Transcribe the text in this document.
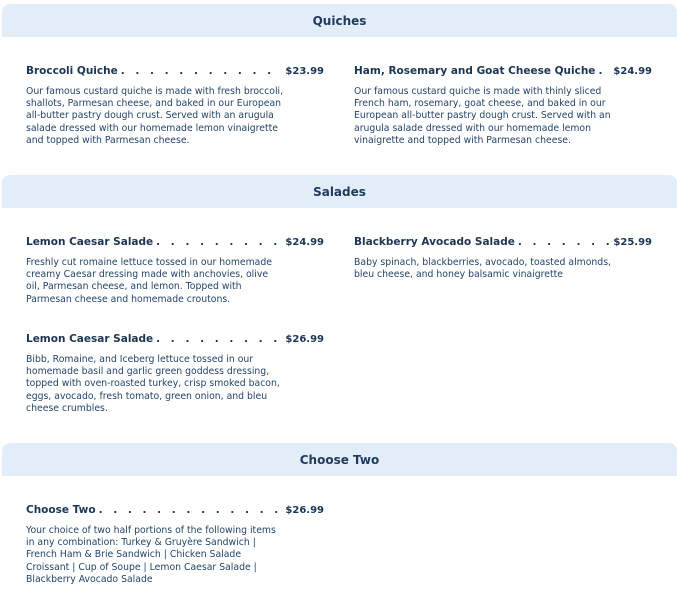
Quiches
Broccoli Quiche . . .	$23.99
Our famous custard quiche is made with fresh broccoli, shallots, Parmesan cheese, and baked in our European all-butter pastry dough crust. Served with an arugula salade dressed with our homemade lemon vinaigrette and topped with Parmesan cheese.
Ham, Rosemary and Goat Cheese Quiche . . . $24.99
Our famous custard quiche is made with thinly sliced French ham, rosemary, goat cheese, and baked in our European all-butter pastry dough crust. Served with an arugula salade dressed with our homemade lemon vinaigrette and topped with Parmesan cheese.
Salades
Lemon Caesar Salade . . .	$24.99
Freshly cut romaine lettuce tossed in our homemade creamy Caesar dressing made with anchovies, olive oil, Parmesan cheese, and lemon. Topped with Parmesan cheese and homemade croutons.
Blackberry Avocado Salade . . .	$25.99
Baby spinach, blackberries, avocado, toasted almonds, bleu cheese, and honey balsamic vinaigrette
Lemon Caesar Salade . . .	$26.99
Bibb, Romaine, and Iceberg lettuce tossed in our homemade basil and garlic green goddess dressing, topped with oven-roasted turkey, crisp smoked bacon, eggs, avocado, fresh tomato, green onion, and bleu cheese crumbles.
Choose Two
Choose Two . . .	$26.99
Your choice of two half portions of the following items in any combination: Turkey & Gruyère Sandwich | French Ham & Brie Sandwich | Chicken Salade Croissant | Cup of Soupe | Lemon Caesar Salade | Blackberry Avocado Salade
